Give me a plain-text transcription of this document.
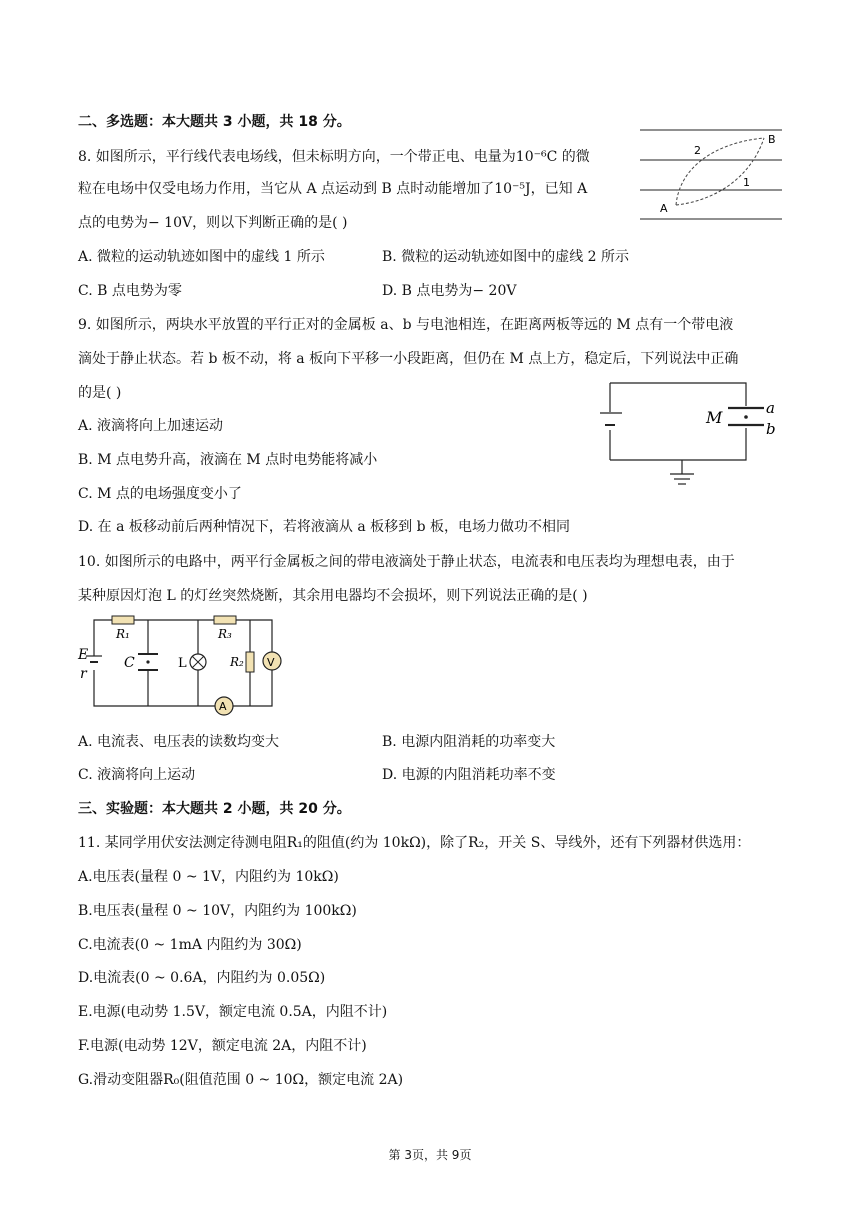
二、多选题：本大题共 3 小题，共 18 分。
8. 如图所示，平行线代表电场线，但未标明方向，一个带正电、电量为10⁻⁶C 的微
粒在电场中仅受电场力作用，当它从 A 点运动到 B 点时动能增加了10⁻⁵J，已知 A
点的电势为− 10V，则以下判断正确的是( )
A. 微粒的运动轨迹如图中的虚线 1 所示	B. 微粒的运动轨迹如图中的虚线 2 所示
C. B 点电势为零	D. B 点电势为− 20V
A
B
2
1
9. 如图所示，两块水平放置的平行正对的金属板 a、b 与电池相连，在距离两板等远的 M 点有一个带电液
滴处于静止状态。若 b 板不动，将 a 板向下平移一小段距离，但仍在 M 点上方，稳定后，下列说法中正确
的是( )
A. 液滴将向上加速运动
B. M 点电势升高，液滴在 M 点时电势能将减小
C. M 点的电场强度变小了
D. 在 a 板移动前后两种情况下，若将液滴从 a 板移到 b 板，电场力做功不相同
M	a
b
10. 如图所示的电路中，两平行金属板之间的带电液滴处于静止状态，电流表和电压表均为理想电表，由于
某种原因灯泡 L 的灯丝突然烧断，其余用电器均不会损坏，则下列说法正确的是( )
E
r
R₁
C	L
R₃
R₂ V
A
A. 电流表、电压表的读数均变大	B. 电源内阻消耗的功率变大
C. 液滴将向上运动	D. 电源的内阻消耗功率不变
三、实验题：本大题共 2 小题，共 20 分。
11. 某同学用伏安法测定待测电阻R₁的阻值(约为 10kΩ)，除了R₂，开关 S、导线外，还有下列器材供选用：
A.电压表(量程 0 ~ 1V，内阻约为 10kΩ)
B.电压表(量程 0 ~ 10V，内阻约为 100kΩ)
C.电流表(0 ~ 1mA 内阻约为 30Ω)
D.电流表(0 ~ 0.6A，内阻约为 0.05Ω)
E.电源(电动势 1.5V，额定电流 0.5A，内阻不计)
F.电源(电动势 12V，额定电流 2A，内阻不计)
G.滑动变阻器R₀(阻值范围 0 ~ 10Ω，额定电流 2A)
第 3页，共 9页
